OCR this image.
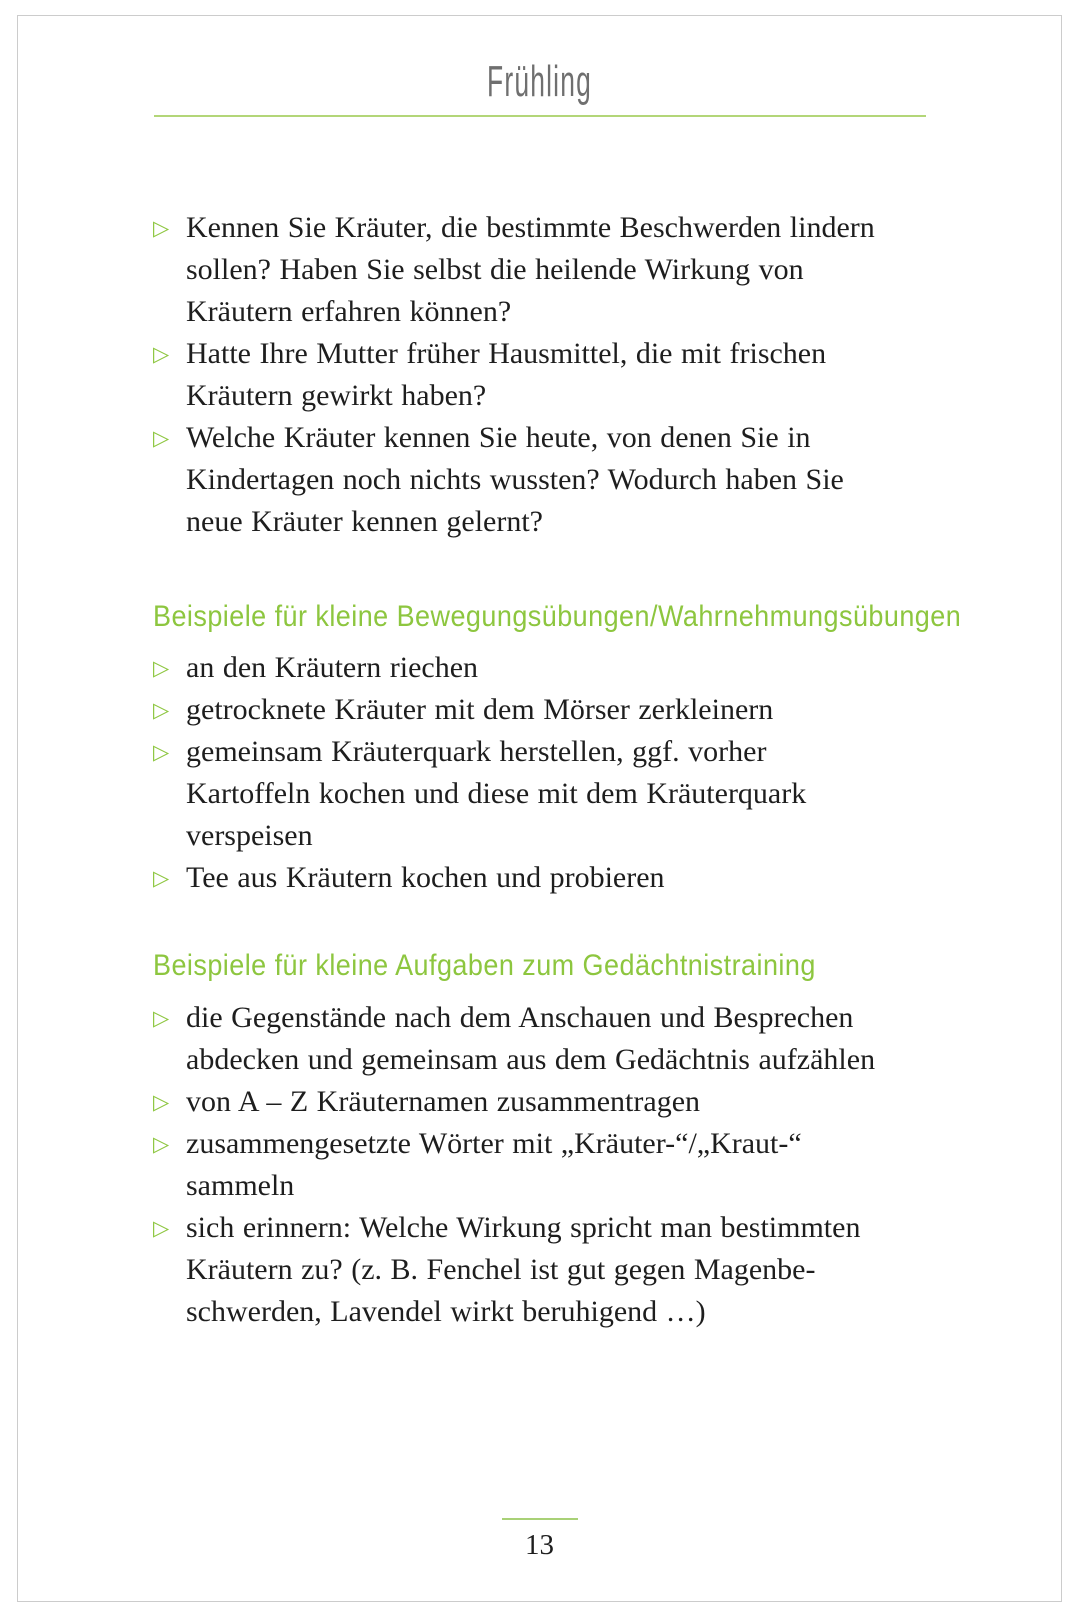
Frühling
▷ Kennen Sie Kräuter, die bestimmte Beschwerden lindern sollen? Haben Sie selbst die heilende Wirkung von Kräutern erfahren können?
▷ Hatte Ihre Mutter früher Hausmittel, die mit frischen Kräutern gewirkt haben?
▷ Welche Kräuter kennen Sie heute, von denen Sie in Kindertagen noch nichts wussten? Wodurch haben Sie neue Kräuter kennen gelernt?
Beispiele für kleine Bewegungsübungen/Wahrnehmungsübungen
▷ an den Kräutern riechen
▷ getrocknete Kräuter mit dem Mörser zerkleinern
▷ gemeinsam Kräuterquark herstellen, ggf. vorher Kartoffeln kochen und diese mit dem Kräuterquark verspeisen
▷ Tee aus Kräutern kochen und probieren
Beispiele für kleine Aufgaben zum Gedächtnistraining
▷ die Gegenstände nach dem Anschauen und Besprechen abdecken und gemeinsam aus dem Gedächtnis aufzählen
▷ von A – Z Kräuternamen zusammentragen
▷ zusammengesetzte Wörter mit „Kräuter-“/„Kraut-“ sammeln
▷ sich erinnern: Welche Wirkung spricht man bestimmten Kräutern zu? (z. B. Fenchel ist gut gegen Magenbeschwerden, Lavendel wirkt beruhigend …)
13
